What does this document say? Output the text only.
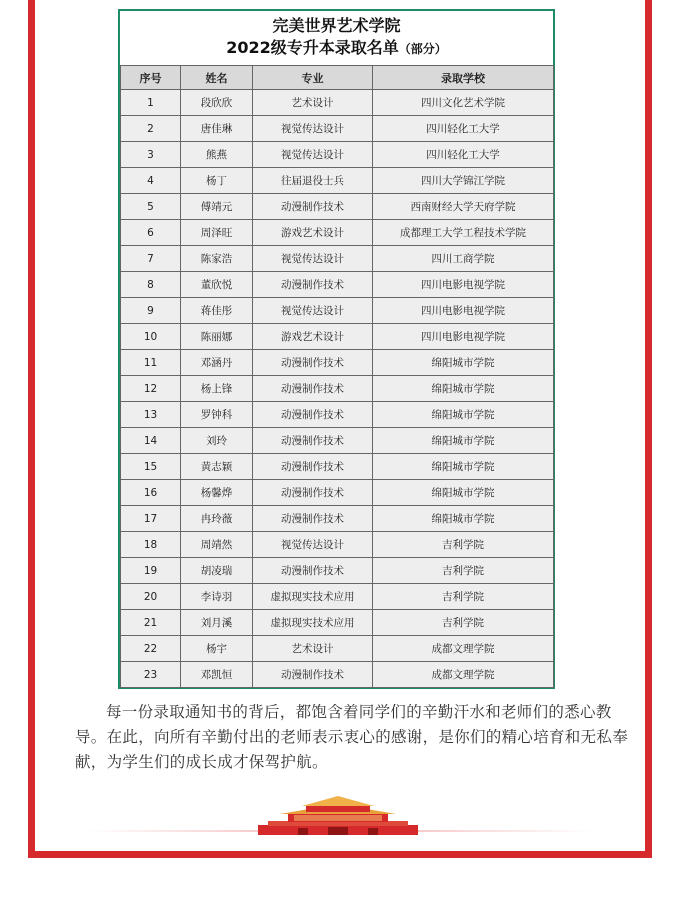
完美世界艺术学院
2022级专升本录取名单（部分）
序号	姓名	专业	录取学校
1	段欣欣	艺术设计	四川文化艺术学院
2	唐佳琳	视觉传达设计	四川轻化工大学
3	熊燕	视觉传达设计	四川轻化工大学
4	杨丁	往届退役士兵	四川大学锦江学院
5	傅靖元	动漫制作技术	西南财经大学天府学院
6	周泽旺	游戏艺术设计	成都理工大学工程技术学院
7	陈家浩	视觉传达设计	四川工商学院
8	董欣悦	动漫制作技术	四川电影电视学院
9	蒋佳彤	视觉传达设计	四川电影电视学院
10	陈丽娜	游戏艺术设计	四川电影电视学院
11	邓涵丹	动漫制作技术	绵阳城市学院
12	杨上锋	动漫制作技术	绵阳城市学院
13	罗钟科	动漫制作技术	绵阳城市学院
14	刘玲	动漫制作技术	绵阳城市学院
15	黄志颖	动漫制作技术	绵阳城市学院
16	杨馨烨	动漫制作技术	绵阳城市学院
17	冉玲薇	动漫制作技术	绵阳城市学院
18	周靖然	视觉传达设计	吉利学院
19	胡凌瑞	动漫制作技术	吉利学院
20	李诗羽	虚拟现实技术应用	吉利学院
21	刘月溪	虚拟现实技术应用	吉利学院
22	杨宇	艺术设计	成都文理学院
23	邓凯恒	动漫制作技术	成都文理学院
每一份录取通知书的背后，都饱含着同学们的辛勤汗水和老师们的悉心教导。在此，向所有辛勤付出的老师表示衷心的感谢，是你们的精心培育和无私奉献，为学生们的成长成才保驾护航。
